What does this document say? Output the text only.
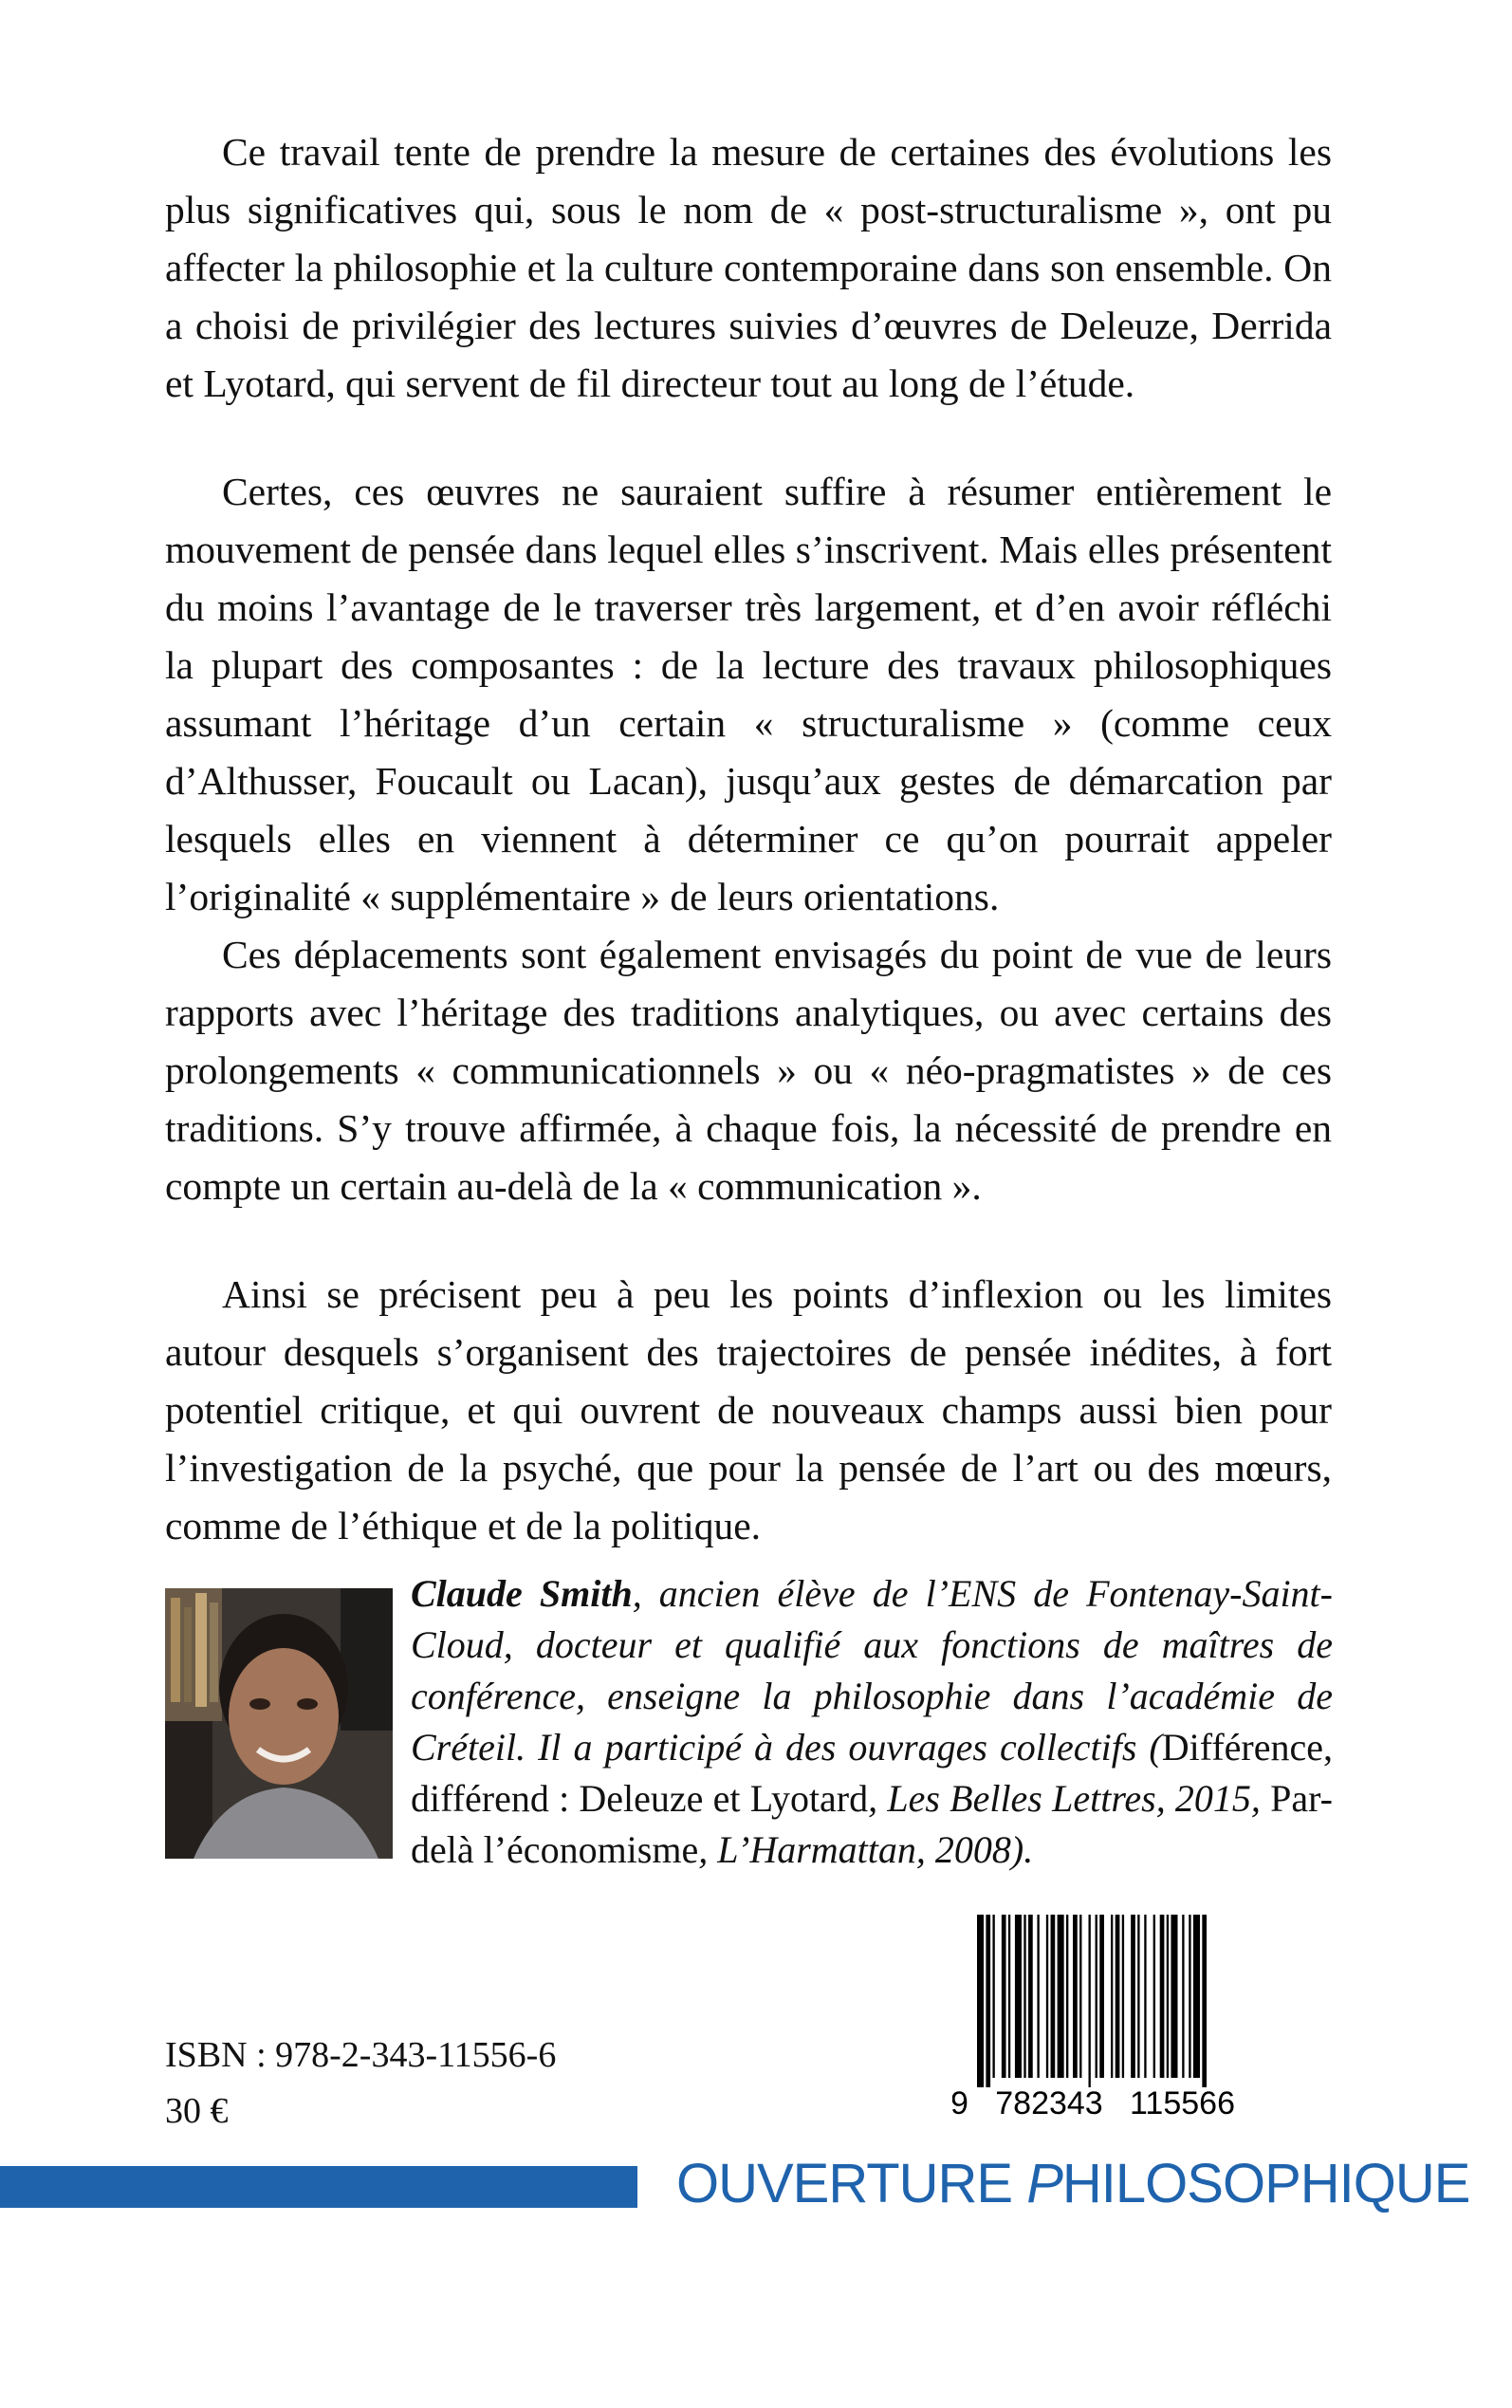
Ce travail tente de prendre la mesure de certaines des évolutions les plus significatives qui, sous le nom de « post-structuralisme », ont pu affecter la philosophie et la culture contemporaine dans son ensemble. On a choisi de privilégier des lectures suivies d’œuvres de Deleuze, Derrida et Lyotard, qui servent de fil directeur tout au long de l’étude.

Certes, ces œuvres ne sauraient suffire à résumer entièrement le mouvement de pensée dans lequel elles s’inscrivent. Mais elles présentent du moins l’avantage de le traverser très largement, et d’en avoir réfléchi la plupart des composantes : de la lecture des travaux philosophiques assumant l’héritage d’un certain « structuralisme » (comme ceux d’Althusser, Foucault ou Lacan), jusqu’aux gestes de démarcation par lesquels elles en viennent à déterminer ce qu’on pourrait appeler l’originalité « supplémentaire » de leurs orientations.

Ces déplacements sont également envisagés du point de vue de leurs rapports avec l’héritage des traditions analytiques, ou avec certains des prolongements « communicationnels » ou « néo-pragmatistes » de ces traditions. S’y trouve affirmée, à chaque fois, la nécessité de prendre en compte un certain au-delà de la « communication ».

Ainsi se précisent peu à peu les points d’inflexion ou les limites autour desquels s’organisent des trajectoires de pensée inédites, à fort potentiel critique, et qui ouvrent de nouveaux champs aussi bien pour l’investigation de la psyché, que pour la pensée de l’art ou des mœurs, comme de l’éthique et de la politique.

Claude Smith, ancien élève de l’ENS de Fontenay-Saint-Cloud, docteur et qualifié aux fonctions de maîtres de conférence, enseigne la philosophie dans l’académie de Créteil. Il a participé à des ouvrages collectifs (Différence, différend : Deleuze et Lyotard, Les Belles Lettres, 2015, Par-delà l’économisme, L’Harmattan, 2008).

ISBN : 978-2-343-11556-6
30 €	9   782343   115566
OUVERTURE PHILOSOPHIQUE
